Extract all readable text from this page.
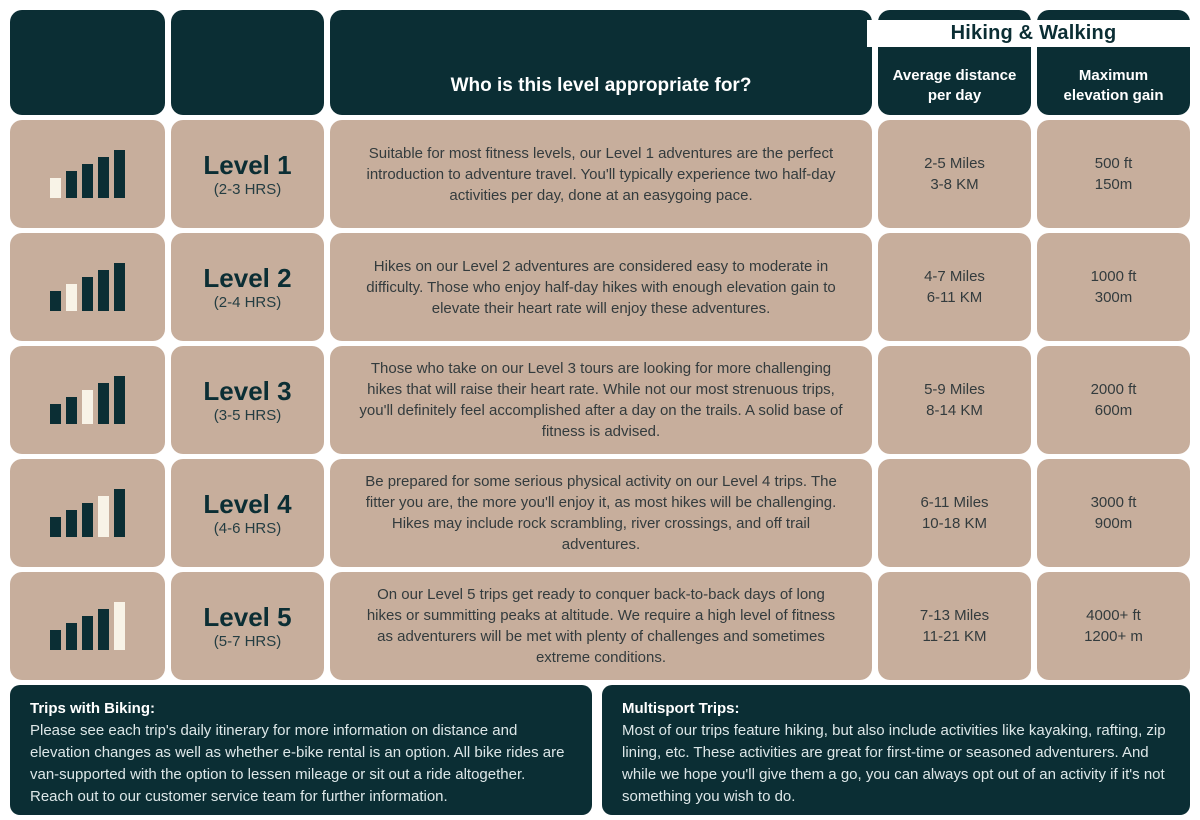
Who is this level appropriate for?	Average distance
per day
Maximum
elevation gain
Level 1
(2-3 HRS)

Suitable for most fitness levels, our Level 1 adventures are the perfect introduction to adventure travel. You'll typically experience two half-day activities per day, done at an easygoing pace.

2-5 Miles
3-8 KM
500 ft
150m
Level 2
(2-4 HRS)

Hikes on our Level 2 adventures are considered easy to moderate in difficulty. Those who enjoy half-day hikes with enough elevation gain to elevate their heart rate will enjoy these adventures.

4-7 Miles
6-11 KM
1000 ft
300m
Level 3
(3-5 HRS)

Those who take on our Level 3 tours are looking for more challenging hikes that will raise their heart rate. While not our most strenuous trips, you'll definitely feel accomplished after a day on the trails. A solid base of fitness is advised.

5-9 Miles
8-14 KM
2000 ft
600m
Level 4
(4-6 HRS)

Be prepared for some serious physical activity on our Level 4 trips. The fitter you are, the more you'll enjoy it, as most hikes will be challenging. Hikes may include rock scrambling, river crossings, and off trail adventures.

6-11 Miles
10-18 KM
3000 ft
900m
Level 5
(5-7 HRS)

On our Level 5 trips get ready to conquer back-to-back days of long hikes or summitting peaks at altitude. We require a high level of fitness as adventurers will be met with plenty of challenges and sometimes extreme conditions.

7-13 Miles
11-21 KM
4000+ ft
1200+ m
Hiking & Walking
Trips with Biking:

Please see each trip's daily itinerary for more information on distance and elevation changes as well as whether e-bike rental is an option. All bike rides are van-supported with the option to lessen mileage or sit out a ride altogether. Reach out to our customer service team for further information.

Multisport Trips:

Most of our trips feature hiking, but also include activities like kayaking, rafting, zip lining, etc. These activities are great for first-time or seasoned adventurers. And while we hope you'll give them a go, you can always opt out of an activity if it's not something you wish to do.
